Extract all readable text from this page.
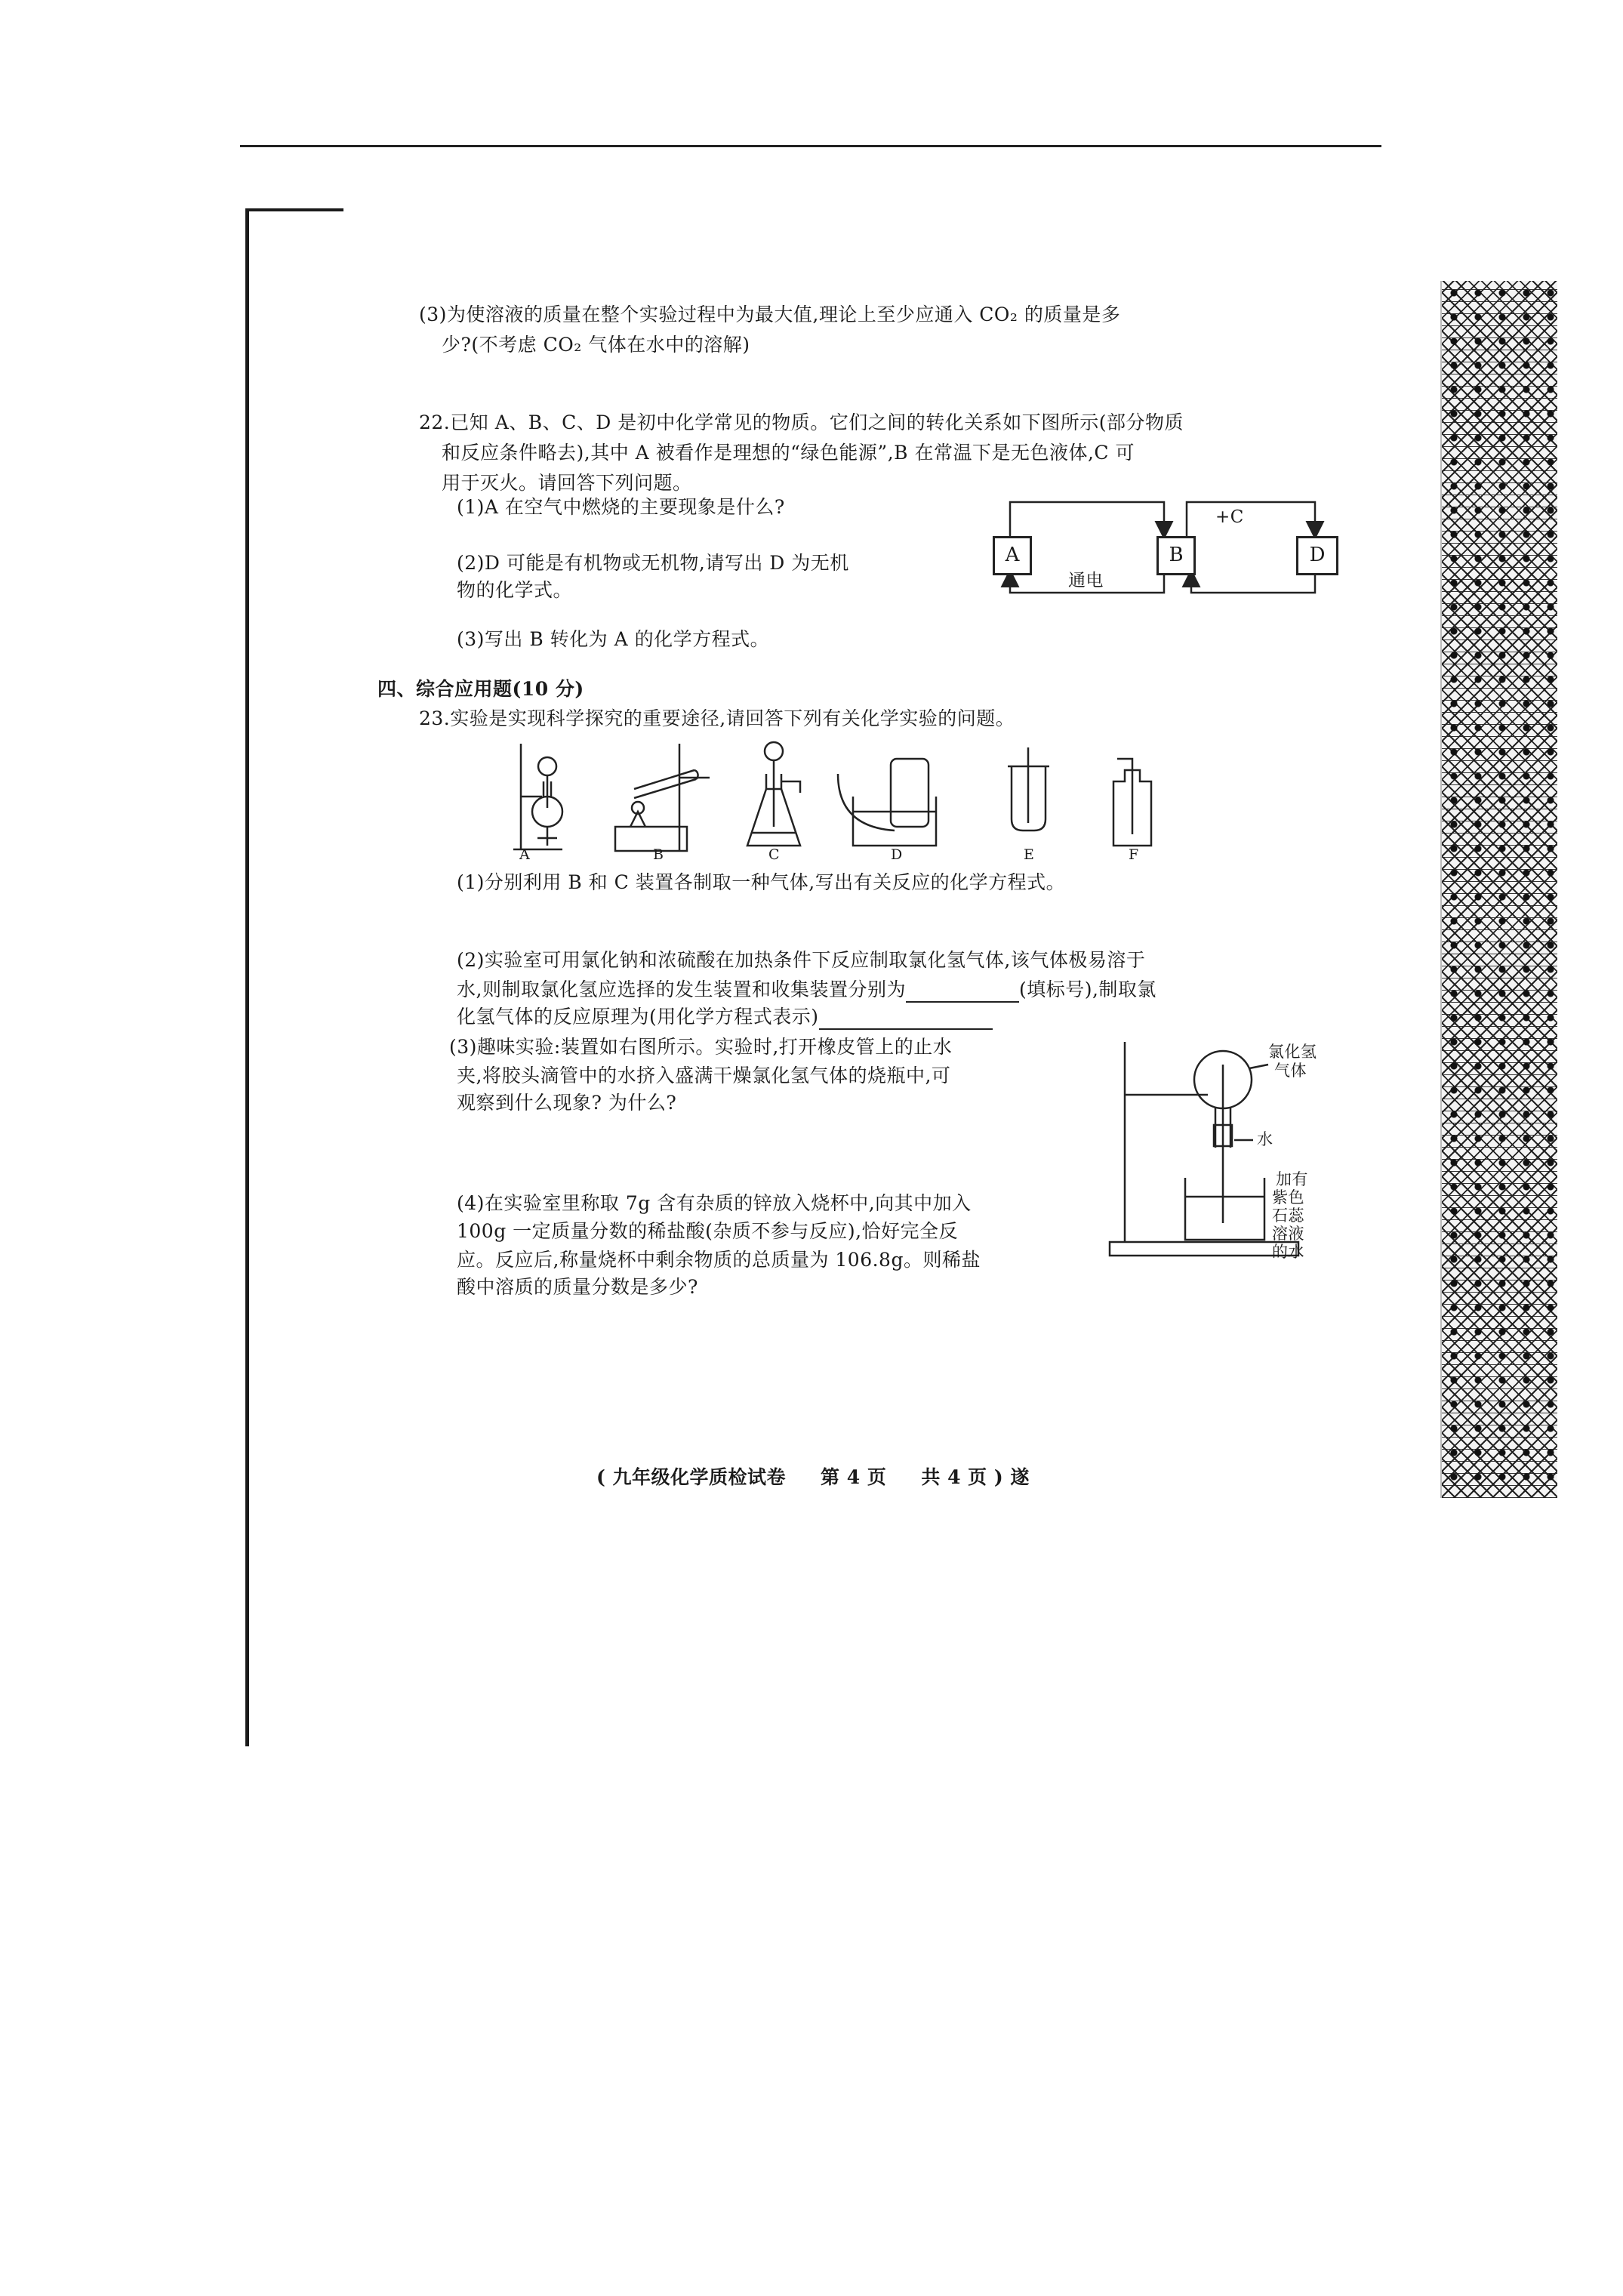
(3)为使溶液的质量在整个实验过程中为最大值,理论上至少应通入 CO₂ 的质量是多
少?(不考虑 CO₂ 气体在水中的溶解)
22.已知 A、B、C、D 是初中化学常见的物质。它们之间的转化关系如下图所示(部分物质
和反应条件略去),其中 A 被看作是理想的“绿色能源”,B 在常温下是无色液体,C 可
用于灭火。请回答下列问题。
(1)A 在空气中燃烧的主要现象是什么?
(2)D 可能是有机物或无机物,请写出 D 为无机
物的化学式。
(3)写出 B 转化为 A 的化学方程式。
A	B	D
+C
通电
四、综合应用题(10 分)
23.实验是实现科学探究的重要途径,请回答下列有关化学实验的问题。
A	B	C	D	E	F
(1)分别利用 B 和 C 装置各制取一种气体,写出有关反应的化学方程式。
(2)实验室可用氯化钠和浓硫酸在加热条件下反应制取氯化氢气体,该气体极易溶于
水,则制取氯化氢应选择的发生装置和收集装置分别为	(填标号),制取氯
化氢气体的反应原理为(用化学方程式表示)
(3)趣味实验:装置如右图所示。实验时,打开橡皮管上的止水
夹,将胶头滴管中的水挤入盛满干燥氯化氢气体的烧瓶中,可
观察到什么现象? 为什么?
氯化氢
气体
水
加有
紫色
石蕊
溶液
的水
(4)在实验室里称取 7g 含有杂质的锌放入烧杯中,向其中加入
100g 一定质量分数的稀盐酸(杂质不参与反应),恰好完全反
应。反应后,称量烧杯中剩余物质的总质量为 106.8g。则稀盐
酸中溶质的质量分数是多少?
( 九年级化学质检试卷     第 4 页     共 4 页 ) 遂
